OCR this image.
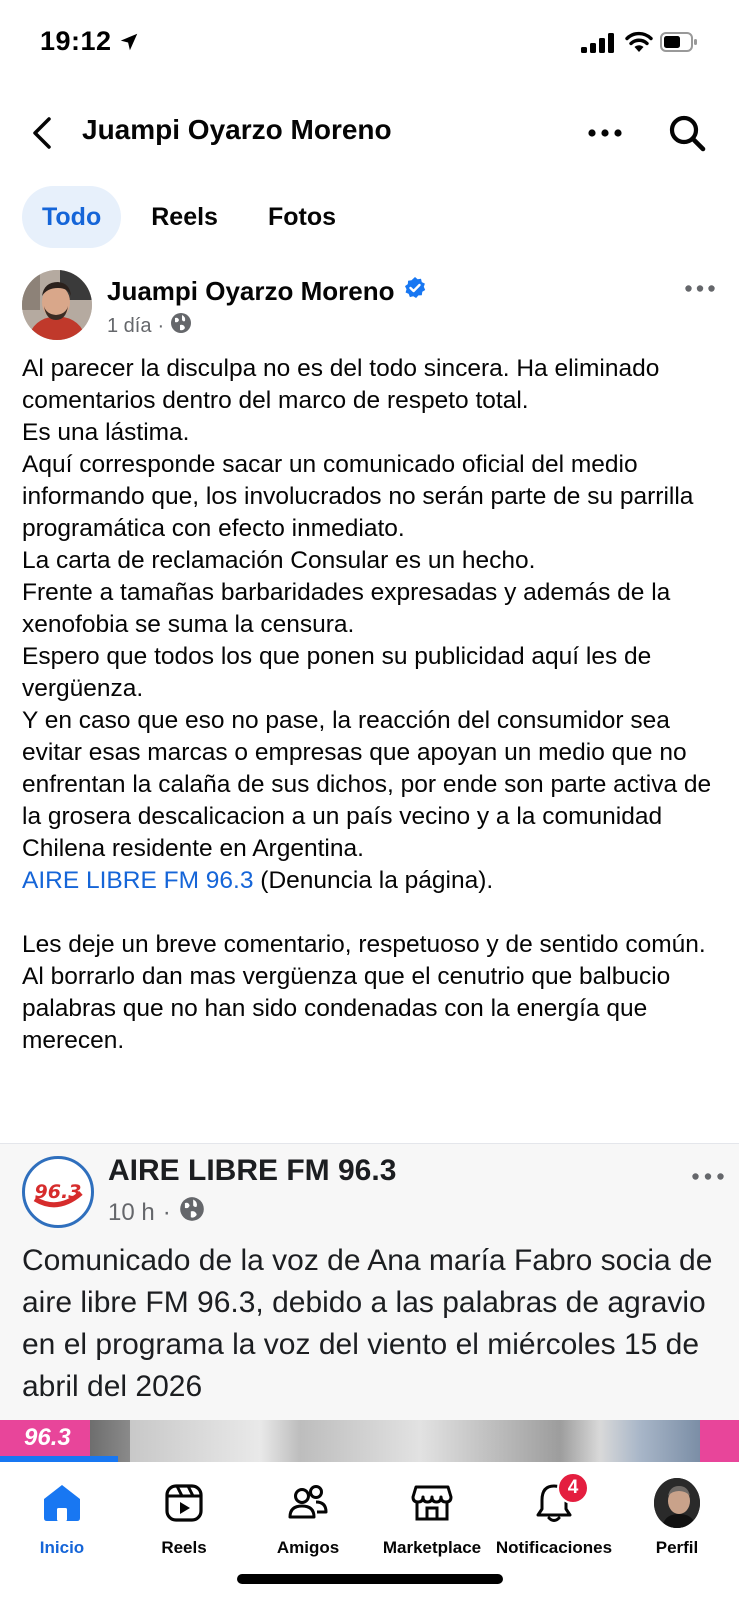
19:12
Juampi Oyarzo Moreno
Todo	Reels	Fotos
Juampi Oyarzo Moreno
1 día ·

Al parecer la disculpa no es del todo sincera. Ha eliminado comentarios dentro del marco de respeto total.

Es una lástima.

Aquí corresponde sacar un comunicado oficial del medio informando que, los involucrados no serán parte de su parrilla programática con efecto inmediato.

La carta de reclamación Consular es un hecho.

Frente a tamañas barbaridades expresadas y además de la xenofobia se suma la censura.

Espero que todos los que ponen su publicidad aquí les de vergüenza.

Y en caso que eso no pase, la reacción del consumidor sea evitar esas marcas o empresas que apoyan un medio que no enfrentan la calaña de sus dichos, por ende son parte activa de la grosera descalicacion a un país vecino y a la comunidad Chilena residente en Argentina.

AIRE LIBRE FM 96.3 (Denuncia la página).

Les deje un breve comentario, respetuoso y de sentido común.

Al borrarlo dan mas vergüenza que el cenutrio que balbucio palabras que no han sido condenadas con la energía que merecen.

96.3
AIRE LIBRE FM 96.3
10 h ·
Comunicado de la voz de Ana maría Fabro socia de aire libre FM 96.3, debido a las palabras de agravio en el programa la voz del viento el miércoles 15 de abril del 2026
96.3
Inicio	Reels	Amigos	Marketplace
4
Notificaciones	Perfil
